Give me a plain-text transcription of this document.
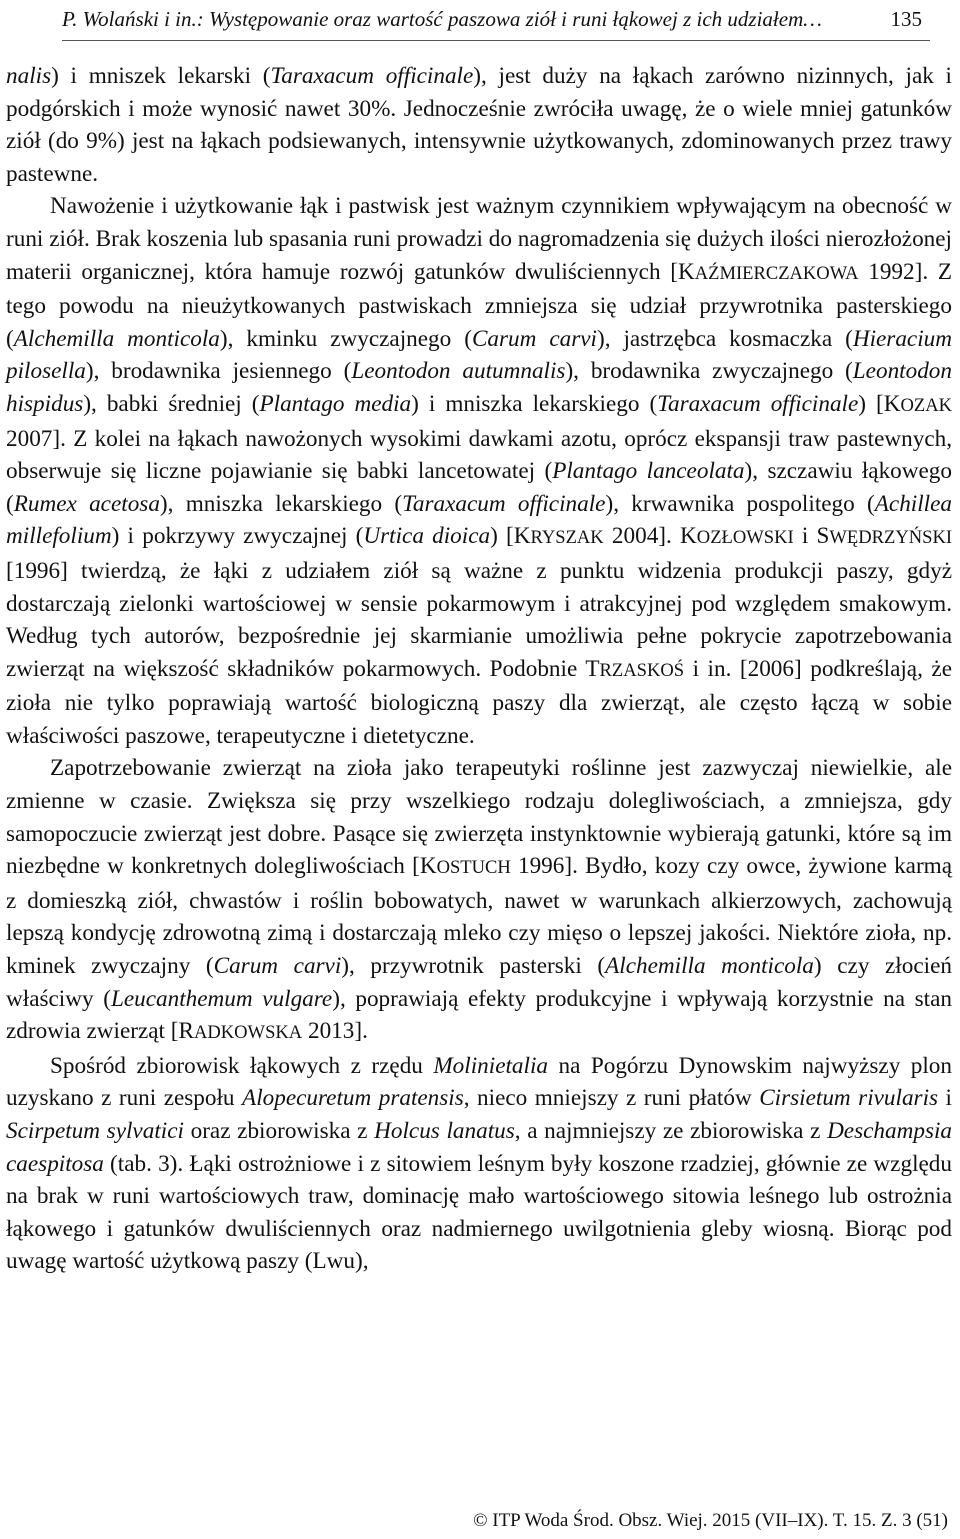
P. Wolański i in.: Występowanie oraz wartość paszowa ziół i runi łąkowej z ich udziałem…	135

nalis) i mniszek lekarski (Taraxacum officinale), jest duży na łąkach zarówno nizinnych, jak i podgórskich i może wynosić nawet 30%. Jednocześnie zwróciła uwagę, że o wiele mniej gatunków ziół (do 9%) jest na łąkach podsiewanych, intensywnie użytkowanych, zdominowanych przez trawy pastewne.

Nawożenie i użytkowanie łąk i pastwisk jest ważnym czynnikiem wpływającym na obecność w runi ziół. Brak koszenia lub spasania runi prowadzi do nagromadzenia się dużych ilości nierozłożonej materii organicznej, która hamuje rozwój gatunków dwuliściennych [KAŹMIERCZAKOWA 1992]. Z tego powodu na nieużytkowanych pastwiskach zmniejsza się udział przywrotnika pasterskiego (Alchemilla monticola), kminku zwyczajnego (Carum carvi), jastrzębca kosmaczka (Hieracium pilosella), brodawnika jesiennego (Leontodon autumnalis), brodawnika zwyczajnego (Leontodon hispidus), babki średniej (Plantago media) i mniszka lekarskiego (Taraxacum officinale) [KOZAK 2007]. Z kolei na łąkach nawożonych wysokimi dawkami azotu, oprócz ekspansji traw pastewnych, obserwuje się liczne pojawianie się babki lancetowatej (Plantago lanceolata), szczawiu łąkowego (Rumex acetosa), mniszka lekarskiego (Taraxacum officinale), krwawnika pospolitego (Achillea millefolium) i pokrzywy zwyczajnej (Urtica dioica) [KRYSZAK 2004]. KOZŁOWSKI i SWĘDRZYŃSKI [1996] twierdzą, że łąki z udziałem ziół są ważne z punktu widzenia produkcji paszy, gdyż dostarczają zielonki wartościowej w sensie pokarmowym i atrakcyjnej pod względem smakowym. Według tych autorów, bezpośrednie jej skarmianie umożliwia pełne pokrycie zapotrzebowania zwierząt na większość składników pokarmowych. Podobnie TRZASKOŚ i in. [2006] podkreślają, że zioła nie tylko poprawiają wartość biologiczną paszy dla zwierząt, ale często łączą w sobie właściwości paszowe, terapeutyczne i dietetyczne.

Zapotrzebowanie zwierząt na zioła jako terapeutyki roślinne jest zazwyczaj niewielkie, ale zmienne w czasie. Zwiększa się przy wszelkiego rodzaju dolegliwościach, a zmniejsza, gdy samopoczucie zwierząt jest dobre. Pasące się zwierzęta instynktownie wybierają gatunki, które są im niezbędne w konkretnych dolegliwościach [KOSTUCH 1996]. Bydło, kozy czy owce, żywione karmą z domieszką ziół, chwastów i roślin bobowatych, nawet w warunkach alkierzowych, zachowują lepszą kondycję zdrowotną zimą i dostarczają mleko czy mięso o lepszej jakości. Niektóre zioła, np. kminek zwyczajny (Carum carvi), przywrotnik pasterski (Alchemilla monticola) czy złocień właściwy (Leucanthemum vulgare), poprawiają efekty produkcyjne i wpływają korzystnie na stan zdrowia zwierząt [RADKOWSKA 2013].

Spośród zbiorowisk łąkowych z rzędu Molinietalia na Pogórzu Dynowskim najwyższy plon uzyskano z runi zespołu Alopecuretum pratensis, nieco mniejszy z runi płatów Cirsietum rivularis i Scirpetum sylvatici oraz zbiorowiska z Holcus lanatus, a najmniejszy ze zbiorowiska z Deschampsia caespitosa (tab. 3). Łąki ostrożniowe i z sitowiem leśnym były koszone rzadziej, głównie ze względu na brak w runi wartościowych traw, dominację mało wartościowego sitowia leśnego lub ostrożnia łąkowego i gatunków dwuliściennych oraz nadmiernego uwilgotnienia gleby wiosną. Biorąc pod uwagę wartość użytkową paszy (Lwu),

© ITP Woda Środ. Obsz. Wiej. 2015 (VII–IX). T. 15. Z. 3 (51)
